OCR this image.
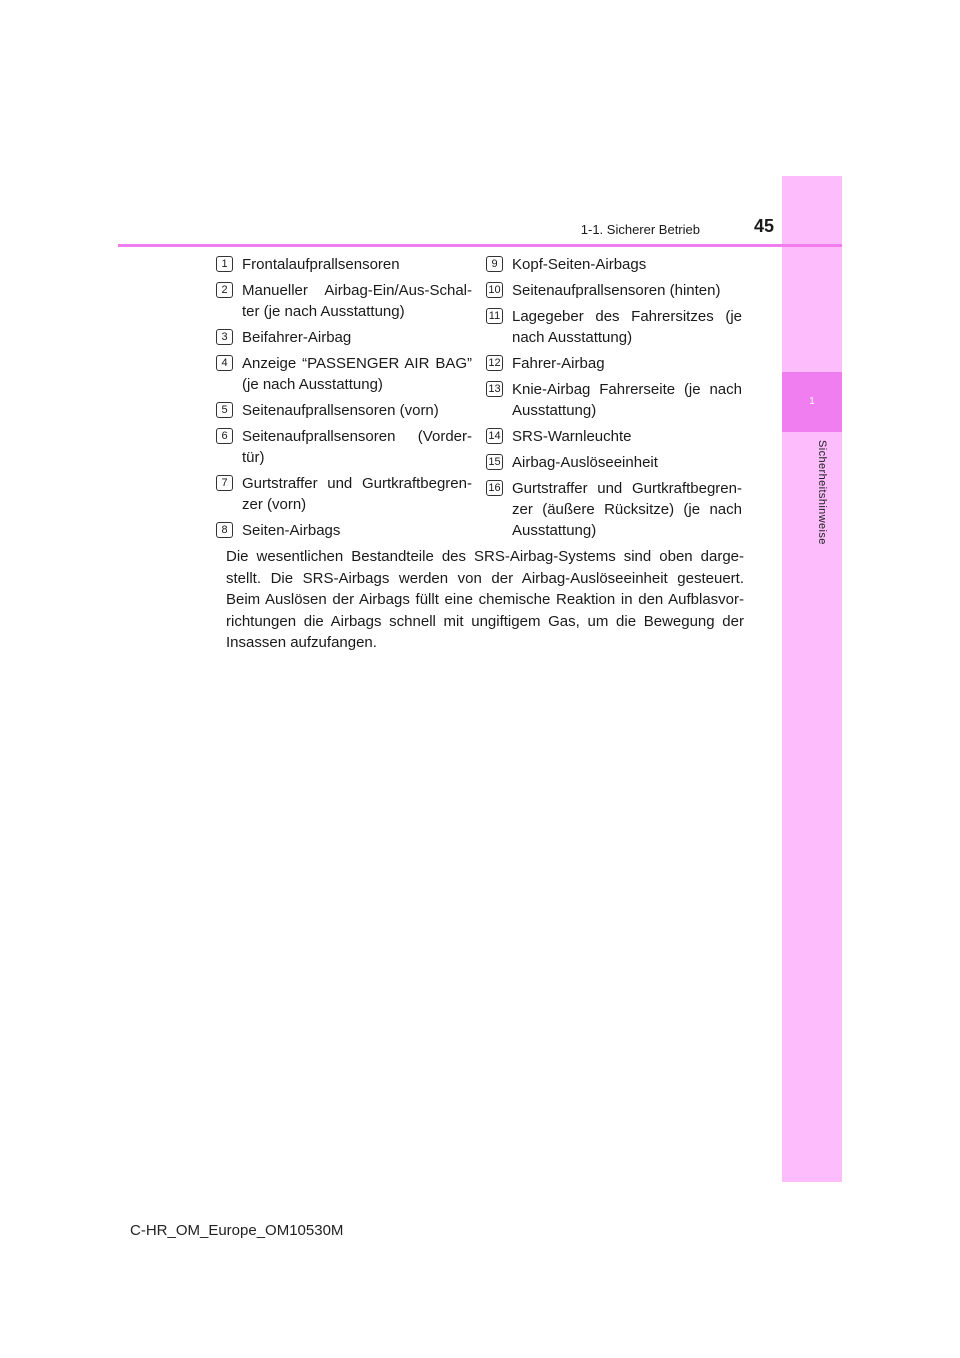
1
Sicherheitshinweise
1-1. Sicherer Betrieb	45
1 Frontalaufprallsensoren
2 Manueller Airbag-Ein/Aus-Schal-ter (je nach Ausstattung)
3 Beifahrer-Airbag
4 Anzeige “PASSENGER AIR BAG” (je nach Ausstattung)
5 Seitenaufprallsensoren (vorn)
6 Seitenaufprallsensoren (Vorder-tür)
7 Gurtstraffer und Gurtkraftbegren-zer (vorn)
8 Seiten-Airbags
9 Kopf-Seiten-Airbags
10 Seitenaufprallsensoren (hinten)
11 Lagegeber des Fahrersitzes (je nach Ausstattung)
12 Fahrer-Airbag
13 Knie-Airbag Fahrerseite (je nach Ausstattung)
14 SRS-Warnleuchte
15 Airbag-Auslöseeinheit
16 Gurtstraffer und Gurtkraftbegren-zer (äußere Rücksitze) (je nach Ausstattung)

Die wesentlichen Bestandteile des SRS-Airbag-Systems sind oben darge-stellt. Die SRS-Airbags werden von der Airbag-Auslöseeinheit gesteuert. Beim Auslösen der Airbags füllt eine chemische Reaktion in den Aufblasvor-richtungen die Airbags schnell mit ungiftigem Gas, um die Bewegung der Insassen aufzufangen.

C-HR_OM_Europe_OM10530M
